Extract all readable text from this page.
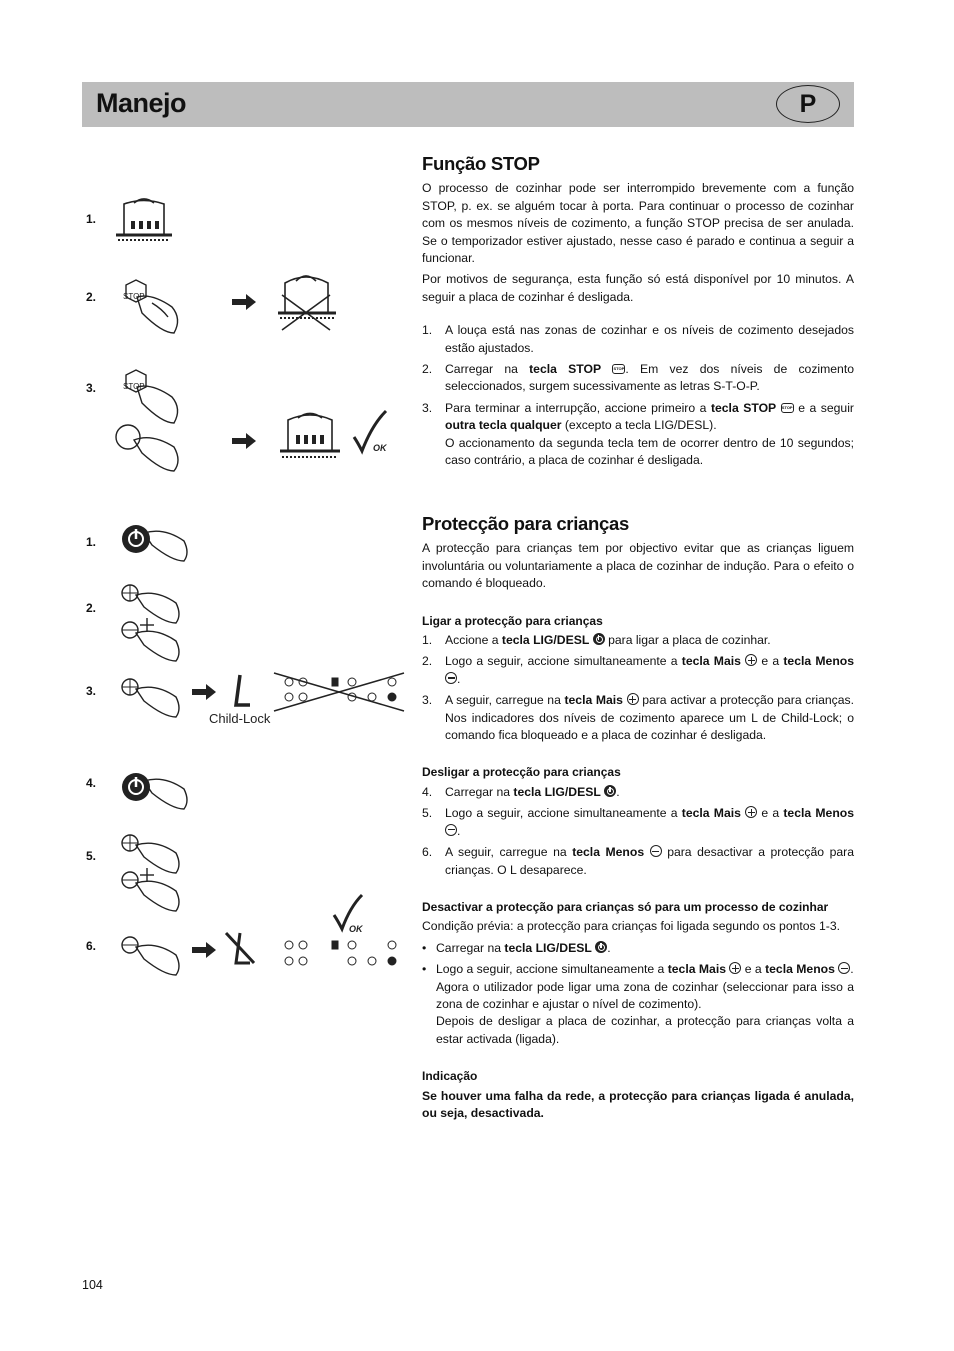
Manejo	P
1.
2.
3.
STOP
STOP
OK
1.
2.
3.
4.
5.
6.
Child-Lock
OK
Função STOP

O processo de cozinhar pode ser interrompido brevemente com a função STOP, p. ex. se alguém tocar à porta. Para continuar o processo de cozinhar com os mesmos níveis de cozimento, a função STOP precisa de ser anulada. Se o temporizador estiver ajustado, nesse caso é parado e continua a seguir a funcionar.

Por motivos de segurança, esta função só está disponível por 10 minutos. A seguir a placa de cozinhar é desligada.

1. A louça está nas zonas de cozinhar e os níveis de cozimento desejados estão ajustados.
2. Carregar na tecla STOP STOP . Em vez dos níveis de cozimento seleccionados, surgem sucessivamente as letras S-T-O-P.
3. Para terminar a interrupção, accione primeiro a tecla STOP STOP e a seguir outra tecla qualquer (excepto a tecla LIG/DESL).
O accionamento da segunda tecla tem de ocorrer dentro de 10 segundos; caso contrário, a placa de cozinhar é desligada.
Protecção para crianças

A protecção para crianças tem por objectivo evitar que as crianças liguem involuntária ou voluntariamente a placa de cozinhar de indução. Para o efeito o comando é bloqueado.

Ligar a protecção para crianças
1. Accione a tecla LIG/DESL  para ligar a placa de cozinhar.
2. Logo a seguir, accione simultaneamente a tecla Mais  e a tecla Menos .
3. A seguir, carregue na tecla Mais  para activar a protecção para crianças. Nos indicadores dos níveis de cozimento aparece um L de Child-Lock; o comando fica bloqueado e a placa de cozinhar é desligada.
Desligar a protecção para crianças
4. Carregar na tecla LIG/DESL .
5. Logo a seguir, accione simultaneamente a tecla Mais  e a tecla Menos .
6. A seguir, carregue na tecla Menos  para desactivar a protecção para crianças. O L desaparece.
Desactivar a protecção para crianças só para um processo de cozinhar

Condição prévia: a protecção para crianças foi ligada segundo os pontos 1-3.

• Carregar na tecla LIG/DESL .
• Logo a seguir, accione simultaneamente a tecla Mais  e a tecla Menos .
Agora o utilizador pode ligar uma zona de cozinhar (seleccionar para isso a zona de cozinhar e ajustar o nível de cozimento).
Depois de desligar a placa de cozinhar, a protecção para crianças volta a estar activada (ligada).
Indicação

Se houver uma falha da rede, a protecção para crianças ligada é anulada, ou seja, desactivada.

104
